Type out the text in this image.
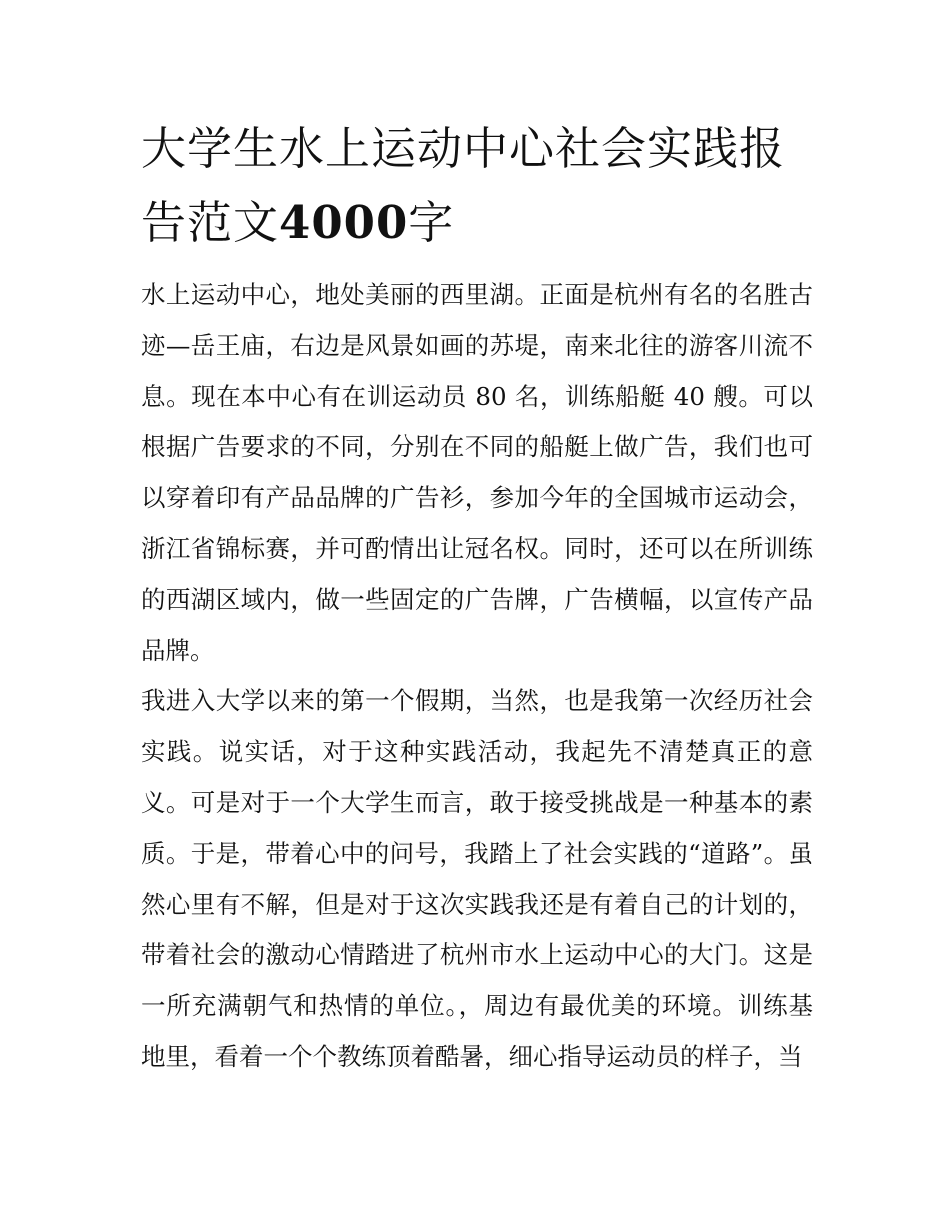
大学生水上运动中心社会实践报告范文4000字

水上运动中心，地处美丽的西里湖。正面是杭州有名的名胜古迹—岳王庙，右边是风景如画的苏堤，南来北往的游客川流不息。现在本中心有在训运动员 80 名，训练船艇 40 艘。可以根据广告要求的不同，分别在不同的船艇上做广告，我们也可以穿着印有产品品牌的广告衫，参加今年的全国城市运动会，浙江省锦标赛，并可酌情出让冠名权。同时，还可以在所训练的西湖区域内，做一些固定的广告牌，广告横幅，以宣传产品品牌。

我进入大学以来的第一个假期，当然，也是我第一次经历社会实践。说实话，对于这种实践活动，我起先不清楚真正的意义。可是对于一个大学生而言，敢于接受挑战是一种基本的素质。于是，带着心中的问号，我踏上了社会实践的“道路”。虽然心里有不解，但是对于这次实践我还是有着自己的计划的，带着社会的激动心情踏进了杭州市水上运动中心的大门。这是一所充满朝气和热情的单位。，周边有最优美的环境。训练基地里，看着一个个教练顶着酷暑，细心指导运动员的样子，当
